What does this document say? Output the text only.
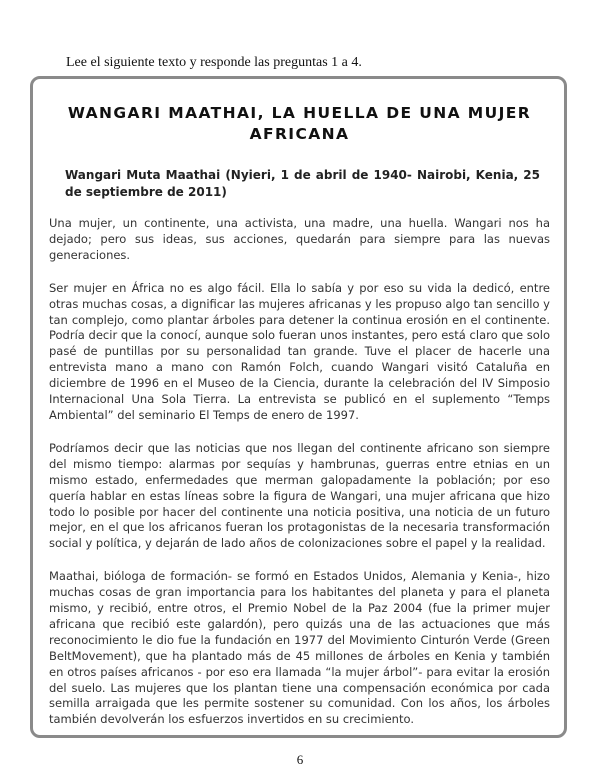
Lee el siguiente texto y responde las preguntas 1 a 4.
WANGARI MAATHAI, LA HUELLA DE UNA MUJER AFRICANA

Wangari Muta Maathai (Nyieri, 1 de abril de 1940- Nairobi, Kenia, 25 de septiembre de 2011)

Una mujer, un continente, una activista, una madre, una huella. Wangari nos ha dejado; pero sus ideas, sus acciones, quedarán para siempre para las nuevas generaciones.

Ser mujer en África no es algo fácil. Ella lo sabía y por eso su vida la dedicó, entre otras muchas cosas, a dignificar las mujeres africanas y les propuso algo tan sencillo y tan complejo, como plantar árboles para detener la continua erosión en el continente. Podría decir que la conocí, aunque solo fueran unos instantes, pero está claro que solo pasé de puntillas por su personalidad tan grande. Tuve el placer de hacerle una entrevista mano a mano con Ramón Folch, cuando Wangari visitó Cataluña en diciembre de 1996 en el Museo de la Ciencia, durante la celebración del IV Simposio Internacional Una Sola Tierra. La entrevista se publicó en el suplemento “Temps Ambiental” del seminario El Temps de enero de 1997.

Podríamos decir que las noticias que nos llegan del continente africano son siempre del mismo tiempo: alarmas por sequías y hambrunas, guerras entre etnias en un mismo estado, enfermedades que merman galopadamente la población; por eso quería hablar en estas líneas sobre la figura de Wangari, una mujer africana que hizo todo lo posible por hacer del continente una noticia positiva, una noticia de un futuro mejor, en el que los africanos fueran los protagonistas de la necesaria transformación social y política, y dejarán de lado años de colonizaciones sobre el papel y la realidad.

Maathai, bióloga de formación- se formó en Estados Unidos, Alemania y Kenia-, hizo muchas cosas de gran importancia para los habitantes del planeta y para el planeta mismo, y recibió, entre otros, el Premio Nobel de la Paz 2004 (fue la primer mujer africana que recibió este galardón), pero quizás una de las actuaciones que más reconocimiento le dio fue la fundación en 1977 del Movimiento Cinturón Verde (Green BeltMovement), que ha plantado más de 45 millones de árboles en Kenia y también en otros países africanos - por eso era llamada “la mujer árbol”- para evitar la erosión del suelo. Las mujeres que los plantan tiene una compensación económica por cada semilla arraigada que les permite sostener su comunidad. Con los años, los árboles también devolverán los esfuerzos invertidos en su crecimiento.

6
